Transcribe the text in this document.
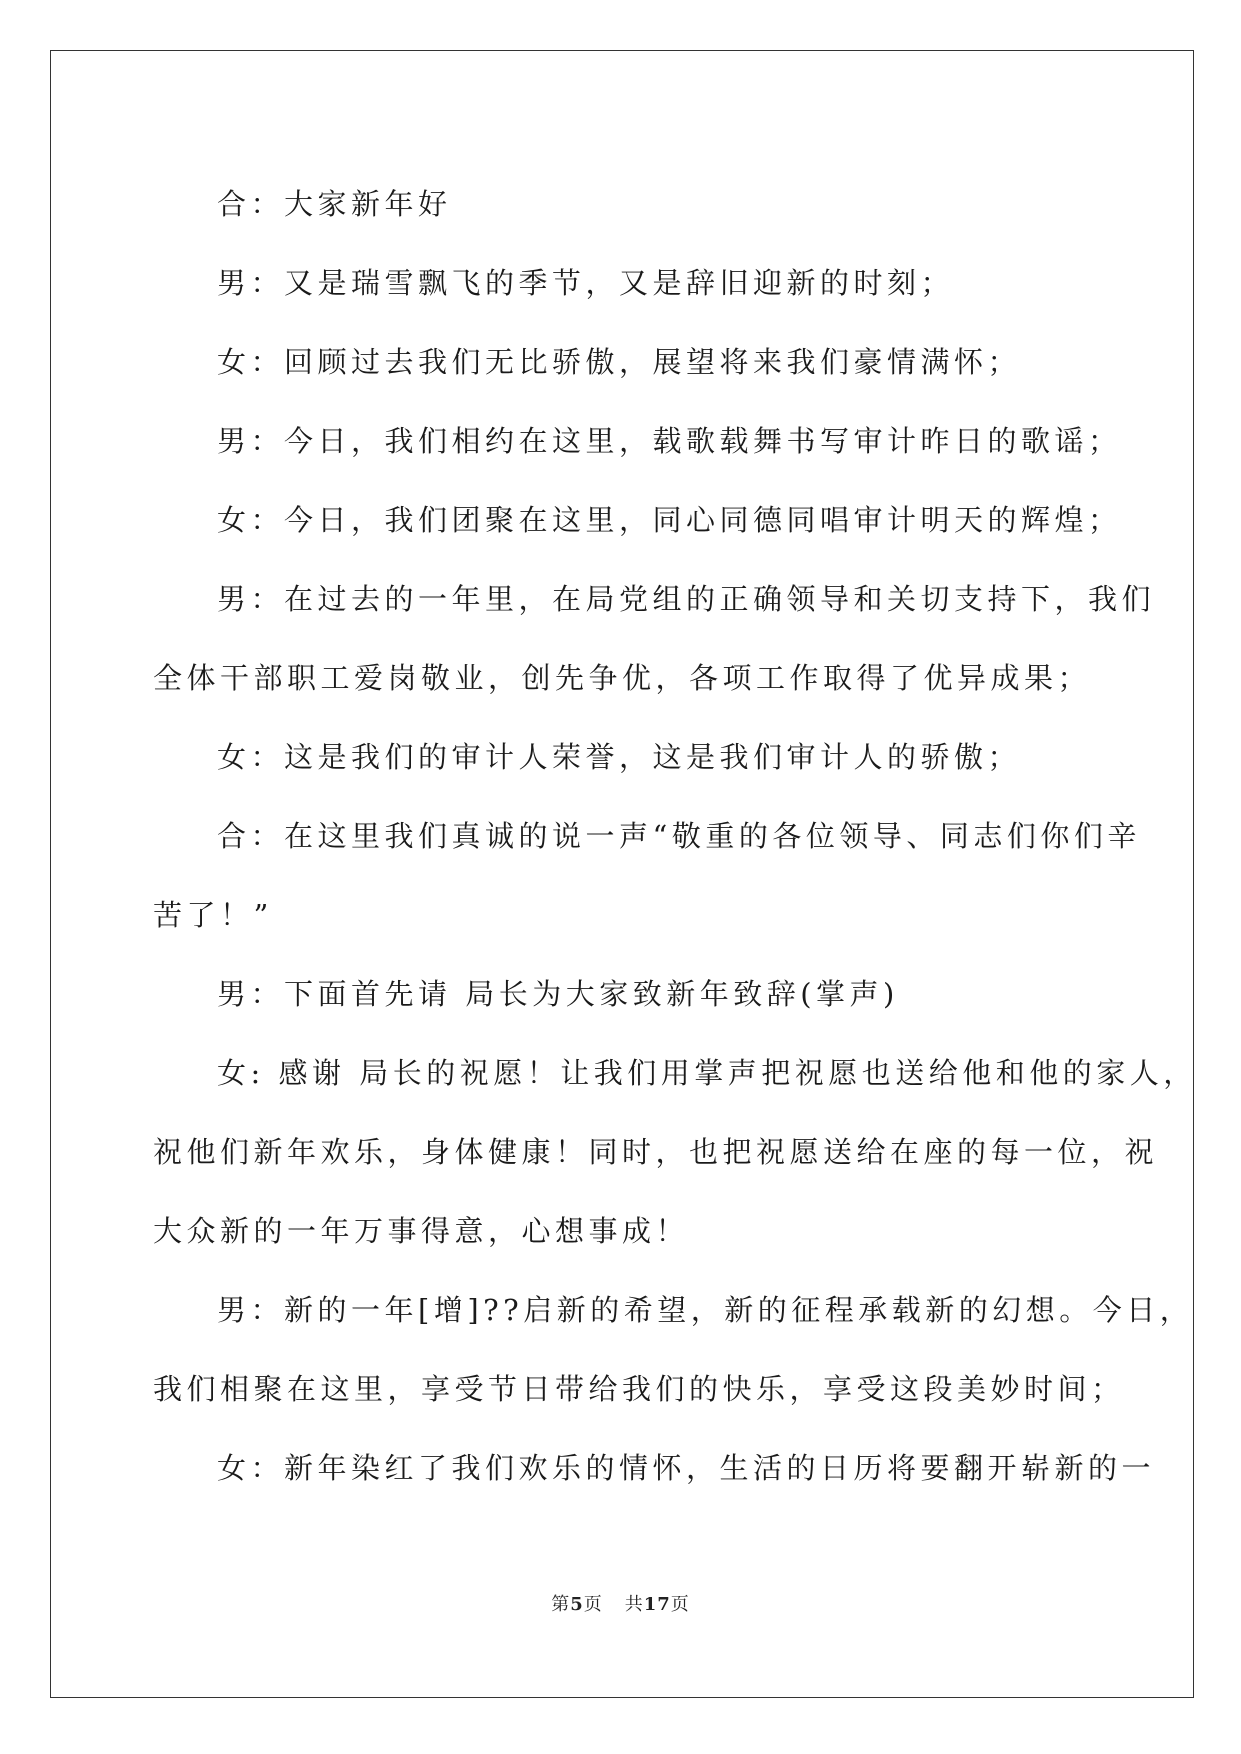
合：大家新年好
男：又是瑞雪飘飞的季节，又是辞旧迎新的时刻；
女：回顾过去我们无比骄傲，展望将来我们豪情满怀；
男：今日，我们相约在这里，载歌载舞书写审计昨日的歌谣；
女：今日，我们团聚在这里，同心同德同唱审计明天的辉煌；
男：在过去的一年里，在局党组的正确领导和关切支持下，我们
全体干部职工爱岗敬业，创先争优，各项工作取得了优异成果；
女：这是我们的审计人荣誉，这是我们审计人的骄傲；
合：在这里我们真诚的说一声“敬重的各位领导、同志们你们辛
苦了！”
男：下面首先请 局长为大家致新年致辞(掌声)
女: 感谢 局长的祝愿！让我们用掌声把祝愿也送给他和他的家人，
祝他们新年欢乐，身体健康！同时，也把祝愿送给在座的每一位，祝
大众新的一年万事得意，心想事成！
男：新的一年[增]??启新的希望，新的征程承载新的幻想。今日，
我们相聚在这里，享受节日带给我们的快乐，享受这段美妙时间；
女：新年染红了我们欢乐的情怀，生活的日历将要翻开崭新的一
第5页 共17页
